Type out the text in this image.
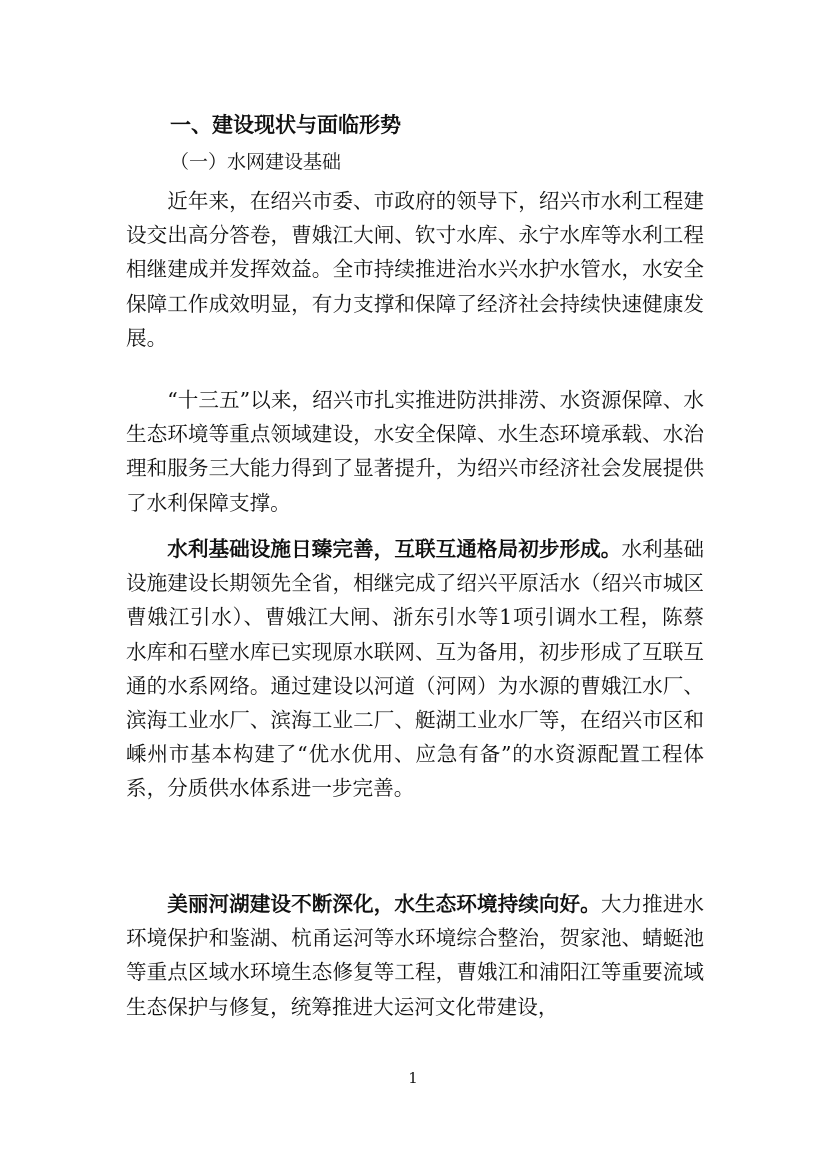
一、建设现状与面临形势
（一）水网建设基础

近年来，在绍兴市委、市政府的领导下，绍兴市水利工程建设交出高分答卷，曹娥江大闸、钦寸水库、永宁水库等水利工程相继建成并发挥效益。全市持续推进治水兴水护水管水，水安全保障工作成效明显，有力支撑和保障了经济社会持续快速健康发展。

“十三五”以来，绍兴市扎实推进防洪排涝、水资源保障、水生态环境等重点领域建设，水安全保障、水生态环境承载、水治理和服务三大能力得到了显著提升，为绍兴市经济社会发展提供了水利保障支撑。

水利基础设施日臻完善，互联互通格局初步形成。水利基础设施建设长期领先全省，相继完成了绍兴平原活水（绍兴市城区曹娥江引水）、曹娥江大闸、浙东引水等1项引调水工程，陈蔡水库和石壁水库已实现原水联网、互为备用，初步形成了互联互通的水系网络。通过建设以河道（河网）为水源的曹娥江水厂、滨海工业水厂、滨海工业二厂、艇湖工业水厂等，在绍兴市区和嵊州市基本构建了“优水优用、应急有备”的水资源配置工程体系，分质供水体系进一步完善。

美丽河湖建设不断深化，水生态环境持续向好。大力推进水环境保护和鉴湖、杭甬运河等水环境综合整治，贺家池、蜻蜓池等重点区域水环境生态修复等工程，曹娥江和浦阳江等重要流域生态保护与修复，统筹推进大运河文化带建设，

1
